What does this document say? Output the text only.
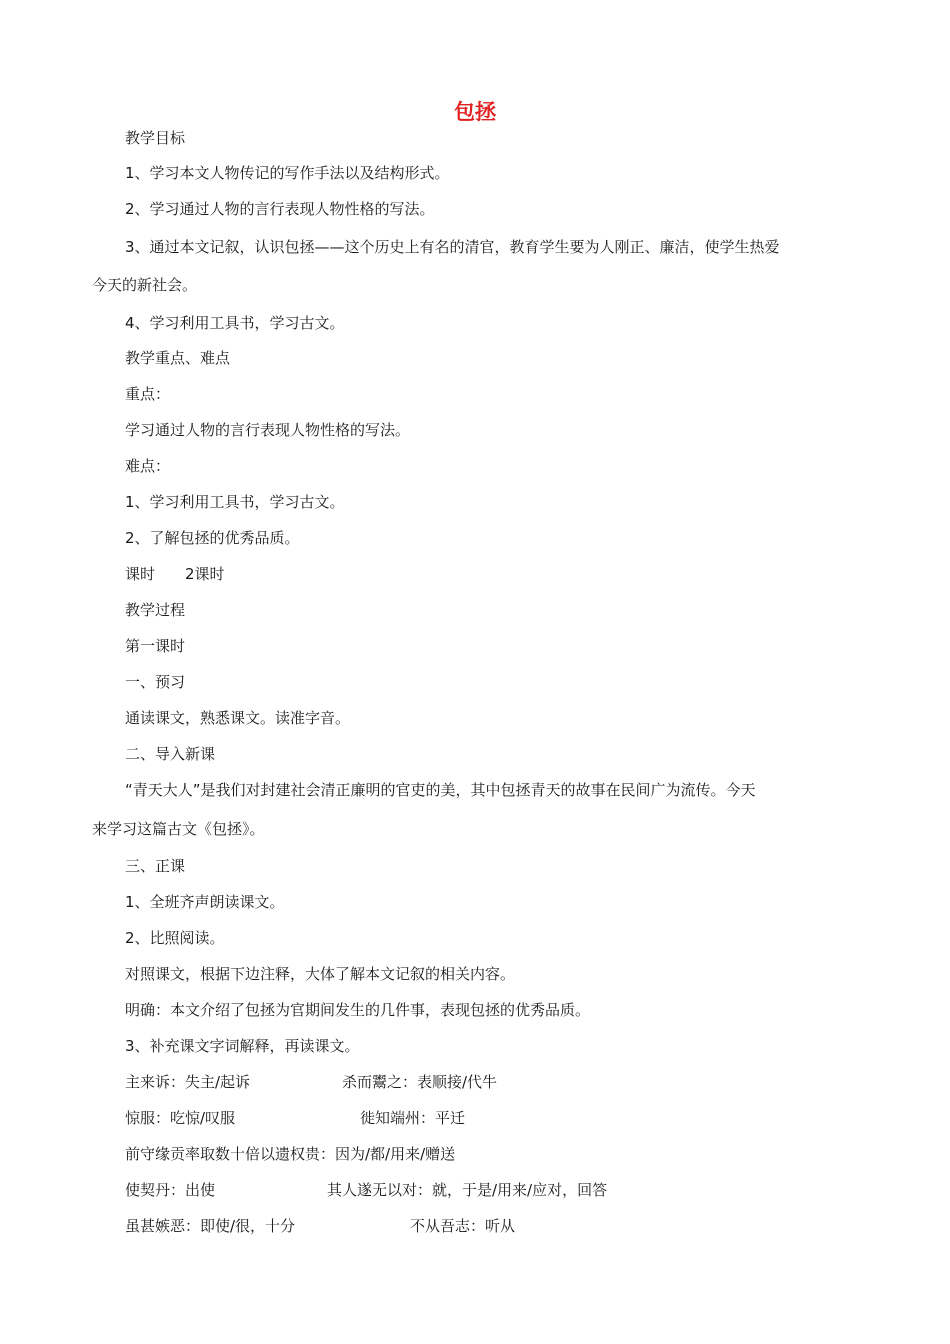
包拯

教学目标

1、学习本文人物传记的写作手法以及结构形式。

2、学习通过人物的言行表现人物性格的写法。

3、通过本文记叙，认识包拯——这个历史上有名的清官，教育学生要为人刚正、廉洁，使学生热爱

今天的新社会。

4、学习利用工具书，学习古文。

教学重点、难点

重点：

学习通过人物的言行表现人物性格的写法。

难点：

1、学习利用工具书，学习古文。

2、了解包拯的优秀品质。

课时　　2课时

教学过程

第一课时

一、预习

通读课文，熟悉课文。读准字音。

二、导入新课

“青天大人”是我们对封建社会清正廉明的官吏的美，其中包拯青天的故事在民间广为流传。今天

来学习这篇古文《包拯》。

三、正课

1、全班齐声朗读课文。

2、比照阅读。

对照课文，根据下边注释，大体了解本文记叙的相关内容。

明确：本文介绍了包拯为官期间发生的几件事，表现包拯的优秀品质。

3、补充课文字词解释，再读课文。

主来诉：失主/起诉	杀而鬻之：表顺接/代牛
惊服：吃惊/叹服	徙知端州：平迁
前守缘贡率取数十倍以遗权贵：因为/都/用来/赠送
使契丹：出使	其人遂无以对：就，于是/用来/应对，回答
虽甚嫉恶：即使/很，十分	不从吾志：听从
